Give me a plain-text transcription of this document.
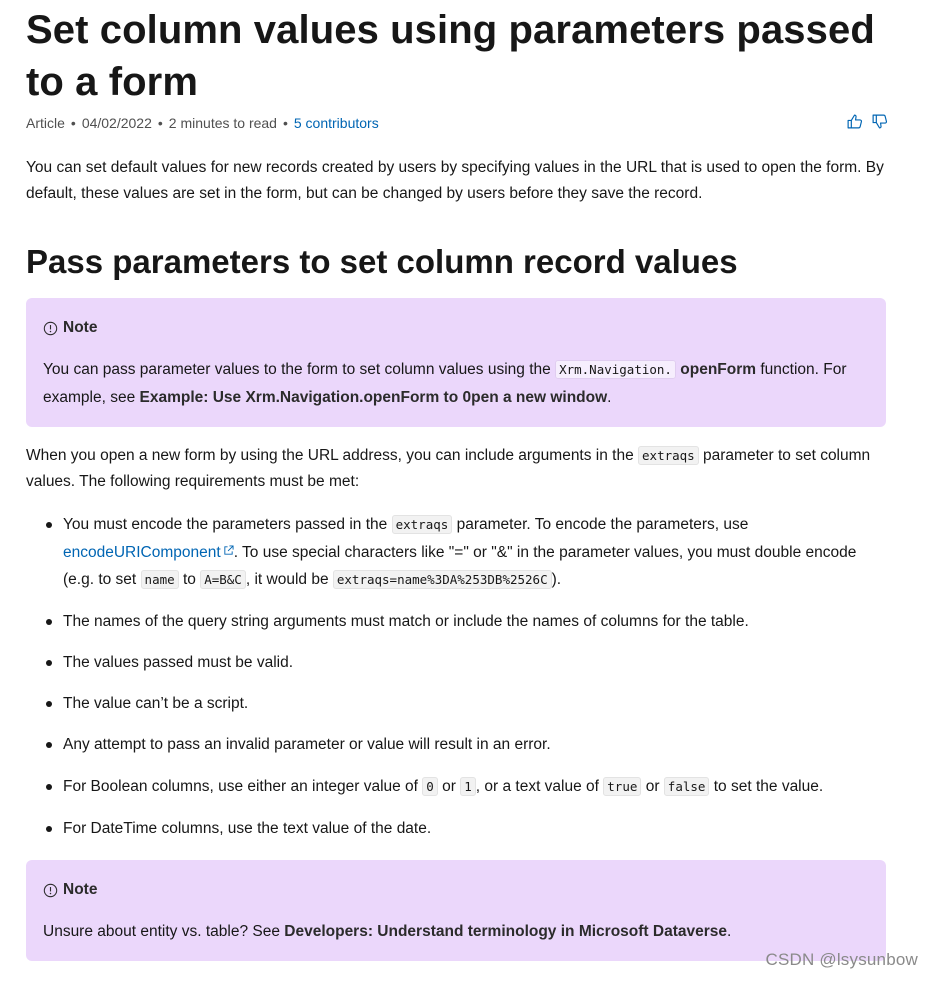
Set column values using parameters passed to a form
Article • 04/02/2022 • 2 minutes to read • 5 contributors

You can set default values for new records created by users by specifying values in the URL that is used to open the form. By default, these values are set in the form, but can be changed by users before they save the record.

Pass parameters to set column record values
Note
You can pass parameter values to the form to set column values using the Xrm.Navigation. openForm function. For example, see Example: Use Xrm.Navigation.openForm to 0pen a new window.

When you open a new form by using the URL address, you can include arguments in the extraqs parameter to set column values. The following requirements must be met:

You must encode the parameters passed in the extraqs parameter. To encode the parameters, use encodeURIComponent . To use special characters like "=" or "&" in the parameter values, you must double encode (e.g. to set name to A=B&C , it would be extraqs=name%3DA%253DB%2526C ).
The names of the query string arguments must match or include the names of columns for the table.
The values passed must be valid.
The value can’t be a script.
Any attempt to pass an invalid parameter or value will result in an error.
For Boolean columns, use either an integer value of 0 or 1 , or a text value of true or false to set the value.
For DateTime columns, use the text value of the date.
Note
Unsure about entity vs. table? See Developers: Understand terminology in Microsoft Dataverse.
CSDN @lsysunbow
